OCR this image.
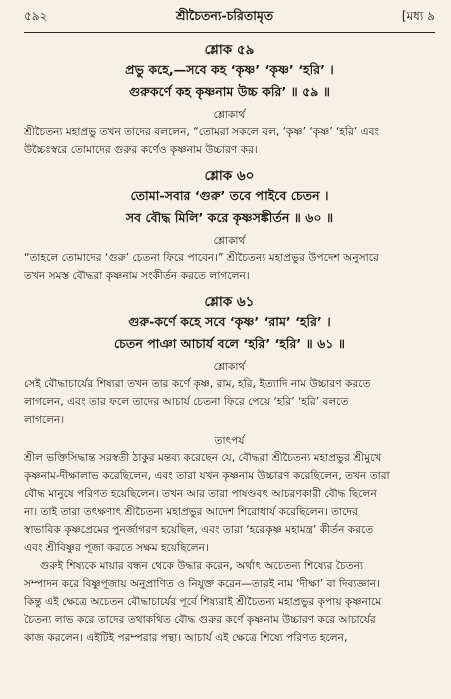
৫৯২	শ্রীচৈতন্য-চরিতামৃত	[মধ্য ৯
শ্লোক ৫৯
প্রভু কহে,—সবে কহ ‘কৃষ্ণ’ ‘কৃষ্ণ’ ‘হরি’ ।
গুরুকর্ণে কহ কৃষ্ণনাম উচ্চ করি’ ॥ ৫৯ ॥
শ্লোকার্থ
শ্রীচৈতন্য মহাপ্রভু তখন তাদের বললেন, “তোমরা সকলে বল, ‘কৃষ্ণ’ ‘কৃষ্ণ’ ‘হরি’ এবং
উচ্চৈঃস্বরে তোমাদের গুরুর কর্ণেও কৃষ্ণনাম উচ্চারণ কর।
শ্লোক ৬০
তোমা-সবার ‘গুরু’ তবে পাইবে চেতন ।
সব বৌদ্ধ মিলি’ করে কৃষ্ণসঙ্কীর্তন ॥ ৬০ ॥
শ্লোকার্থ
“তাহলে তোমাদের ‘গুরু’ চেতনা ফিরে পাবেন।” শ্রীচৈতন্য মহাপ্রভুর উপদেশ অনুসারে
তখন সমস্ত বৌদ্ধরা কৃষ্ণনাম সংকীর্তন করতে লাগলেন।
শ্লোক ৬১
গুরু-কর্ণে কহে সবে ‘কৃষ্ণ’ ‘রাম’ ‘হরি’ ।
চেতন পাঞা আচার্য বলে ‘হরি’ ‘হরি’ ॥ ৬১ ॥
শ্লোকার্থ
সেই বৌদ্ধাচার্যের শিষ্যরা তখন তার কর্ণে কৃষ্ণ, রাম, হরি, ইত্যাদি নাম উচ্চারণ করতে
লাগলেন, এবং তার ফলে তাদের আচার্য চেতনা ফিরে পেয়ে ‘হরি’ ‘হরি’ বলতে
লাগলেন।
তাৎপর্য
শ্রীল ভক্তিসিদ্ধান্ত সরস্বতী ঠাকুর মন্তব্য করেছেন যে, বৌদ্ধরা শ্রীচৈতন্য মহাপ্রভুর শ্রীমুখে
কৃষ্ণনাম-দীক্ষালাভ করেছিলেন, এবং তারা যখন কৃষ্ণনাম উচ্চারণ করেছিলেন, তখন তারা
বৌদ্ধ মানুষে পরিণত হয়েছিলেন। তখন আর তারা পাষণ্ডবৎ আচরণকারী বৌদ্ধ ছিলেন
না। তাই তারা তৎক্ষণাৎ শ্রীচৈতন্য মহাপ্রভুর আদেশ শিরোধার্য করেছিলেন। তাদের
স্বাভাবিক কৃষ্ণপ্রেমের পুনর্জাগরণ হয়েছিল, এবং তারা ‘হরেকৃষ্ণ মহামন্ত্র’ কীর্তন করতে
এবং শ্রীবিষ্ণুর পূজা করতে সক্ষম হয়েছিলেন।
গুরুই শিষ্যকে মায়ার বন্ধন থেকে উদ্ধার করেন, অর্থাৎ অচেতন্য শিষ্যের চৈতন্য
সম্পাদন করে বিষ্ণুপূজায় অনুপ্রাণিত ও নিযুক্ত করেন—তারই নাম ‘দীক্ষা’ বা দিব্যজ্ঞান।
কিন্তু এই ক্ষেত্রে অচেতন বৌদ্ধাচার্যের পূর্বে শিষ্যরাই শ্রীচৈতন্য মহাপ্রভুর কৃপায় কৃষ্ণনামে
চৈতন্য লাভ করে তাদের তথাকথিত বৌদ্ধ গুরুর কর্ণে কৃষ্ণনাম উচ্চারণ করে আচার্যের
কাজ করলেন। এইটিই পরম্পরার পন্থা। আচার্য এই ক্ষেত্রে শিষ্যে পরিণত হলেন,
